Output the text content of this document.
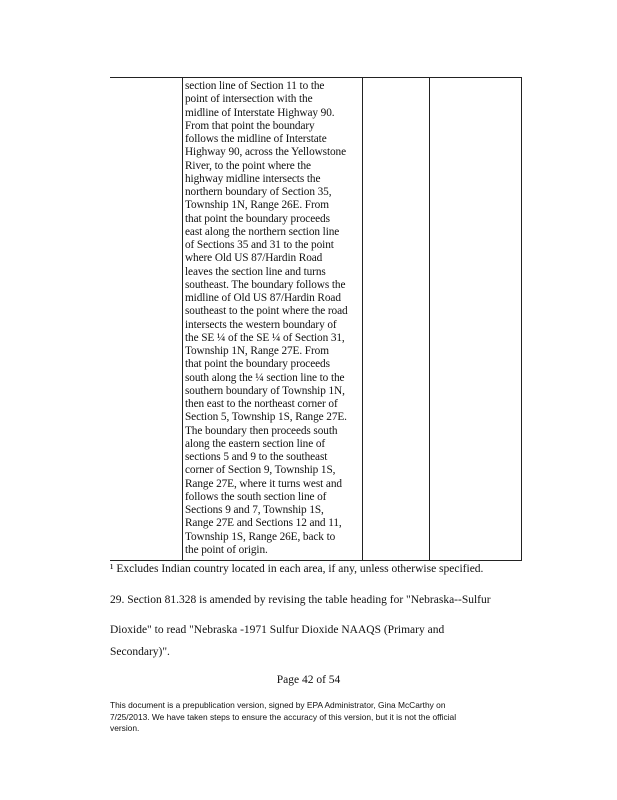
section line of Section 11 to the
point of intersection with the
midline of Interstate Highway 90.
From that point the boundary
follows the midline of Interstate
Highway 90, across the Yellowstone
River, to the point where the
highway midline intersects the
northern boundary of Section 35,
Township 1N, Range 26E. From
that point the boundary proceeds
east along the northern section line
of Sections 35 and 31 to the point
where Old US 87/Hardin Road
leaves the section line and turns
southeast. The boundary follows the
midline of Old US 87/Hardin Road
southeast to the point where the road
intersects the western boundary of
the SE ¼ of the SE ¼ of Section 31,
Township 1N, Range 27E. From
that point the boundary proceeds
south along the ¼ section line to the
southern boundary of Township 1N,
then east to the northeast corner of
Section 5, Township 1S, Range 27E.
The boundary then proceeds south
along the eastern section line of
sections 5 and 9 to the southeast
corner of Section 9, Township 1S,
Range 27E, where it turns west and
follows the south section line of
Sections 9 and 7, Township 1S,
Range 27E and Sections 12 and 11,
Township 1S, Range 26E, back to
the point of origin.

¹ Excludes Indian country located in each area, if any, unless otherwise specified.
29. Section 81.328 is amended by revising the table heading for "Nebraska--Sulfur
Dioxide" to read "Nebraska -1971 Sulfur Dioxide NAAQS (Primary and
Secondary)".
Page 42 of 54
This document is a prepublication version, signed by EPA Administrator, Gina McCarthy on
7/25/2013. We have taken steps to ensure the accuracy of this version, but it is not the official
version.
